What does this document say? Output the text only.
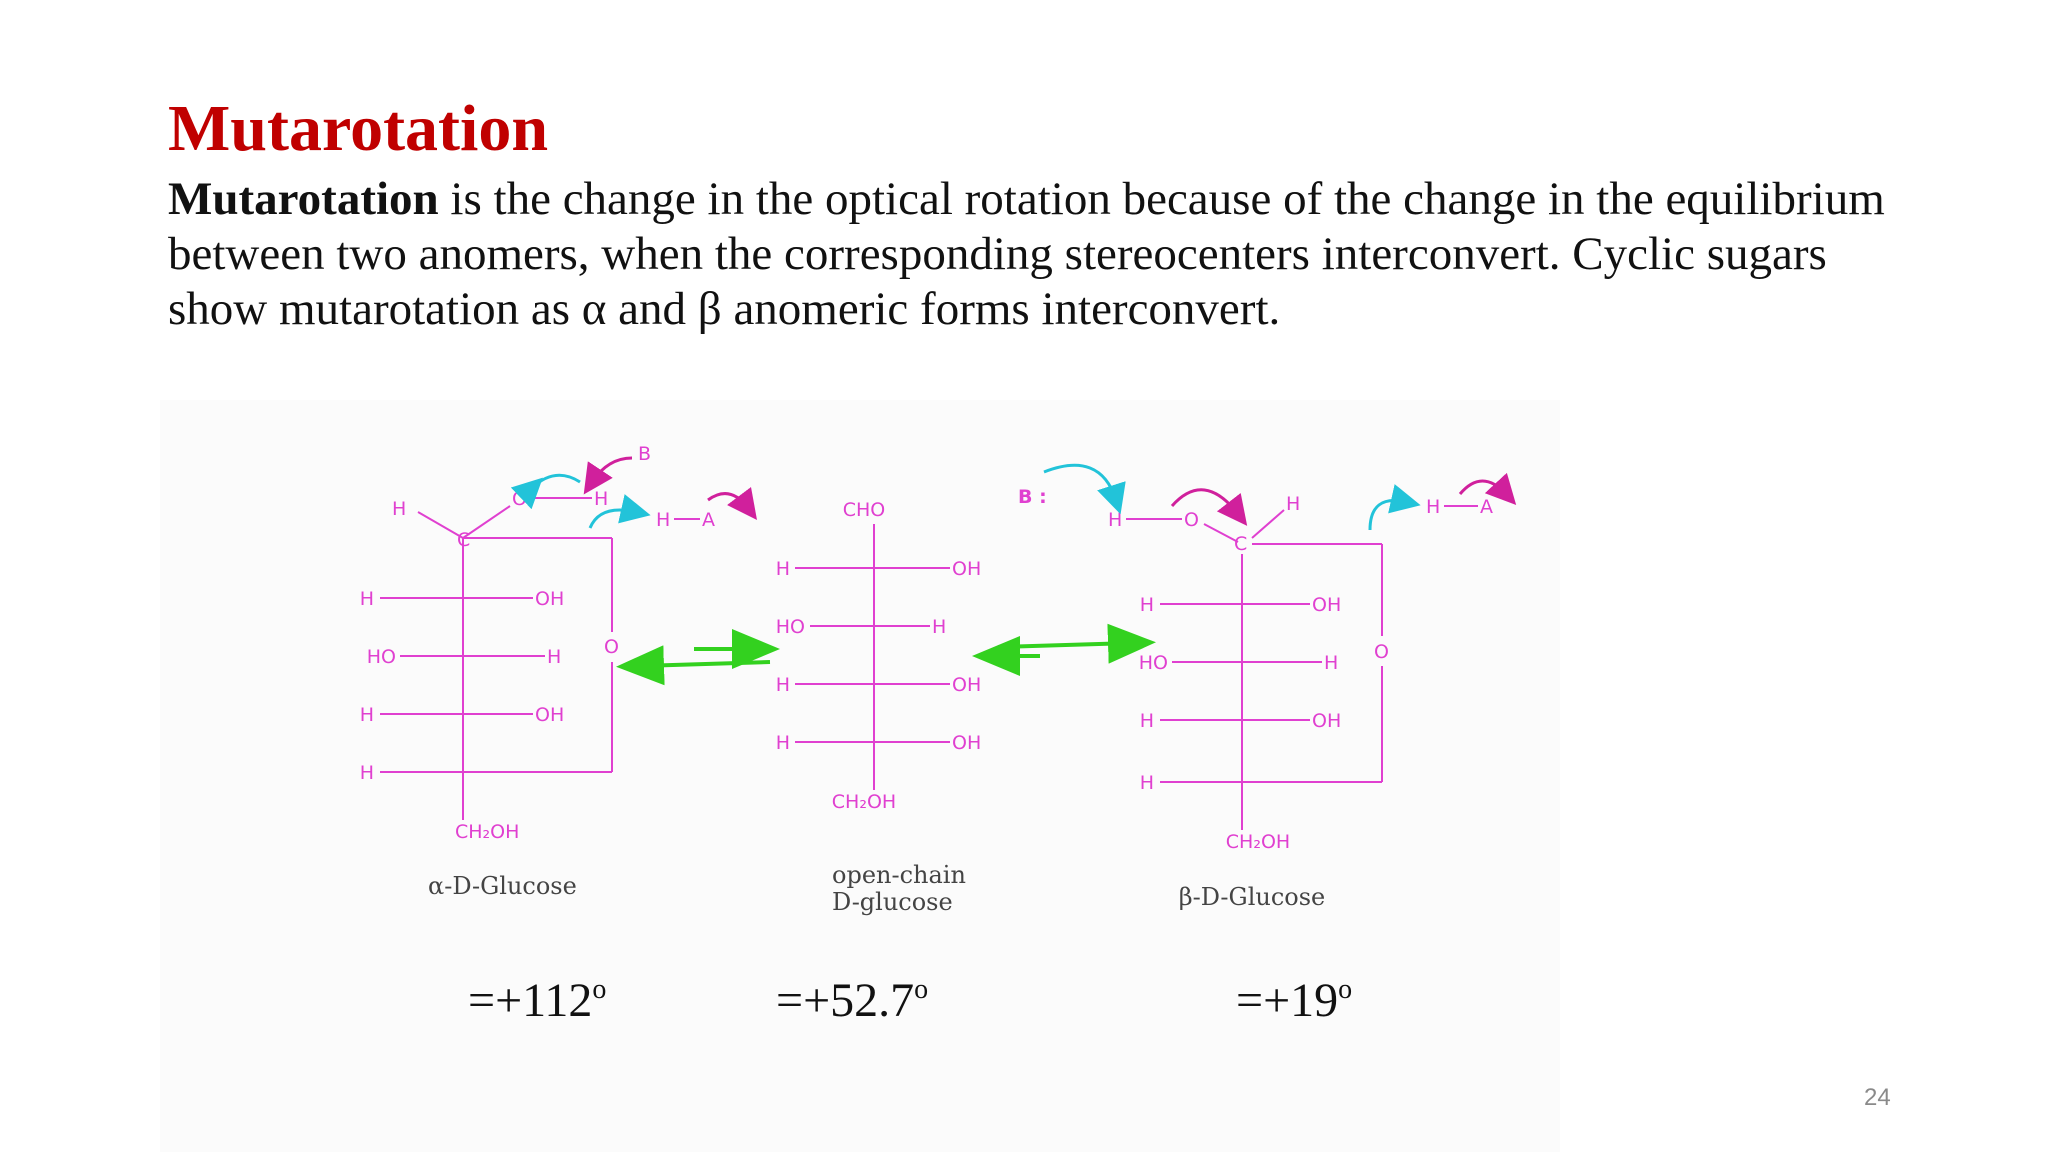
Mutarotation
Mutarotation is the change in the optical rotation because of the change in the equilibrium between two anomers, when the corresponding stereocenters interconvert. Cyclic sugars show mutarotation as α and β anomeric forms interconvert.
H
C
O	H
H	OH
HO	H
H	OH
H
O
CH₂OH
α-D-Glucose
B
H A	CHO
H	OH
HO	H
H	OH
H	OH
CH₂OH
open-chain
D-glucose
B :
H	O
C
H
H	OH
HO	H
H	OH
H
O
CH₂OH
β-D-Glucose
H A
$=+112^o$	$=+52.7^o$	$=+19^o$
24
